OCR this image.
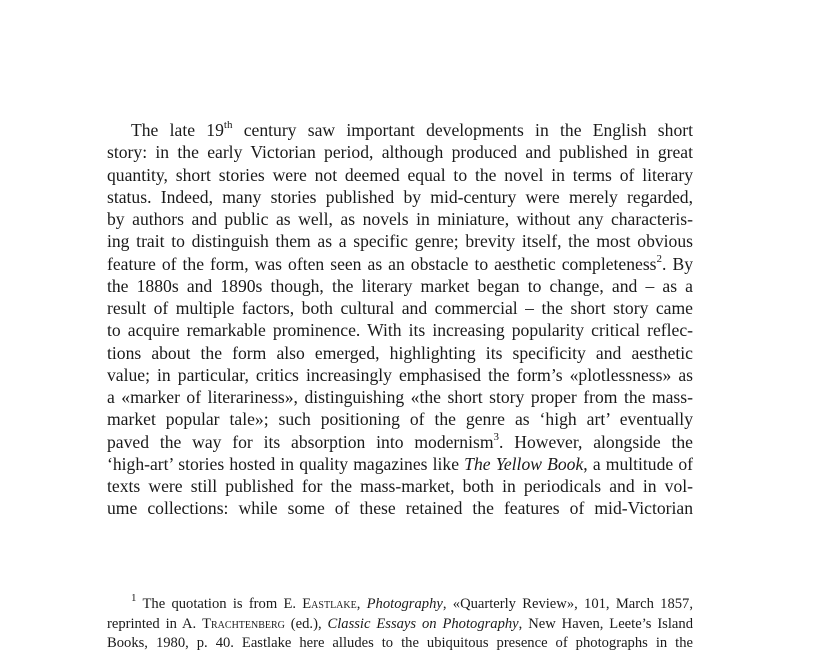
The late 19th century saw important developments in the English short
story: in the early Victorian period, although produced and published in great
quantity, short stories were not deemed equal to the novel in terms of literary
status. Indeed, many stories published by mid-century were merely regarded,
by authors and public as well, as novels in miniature, without any characteris-
ing trait to distinguish them as a specific genre; brevity itself, the most obvious
feature of the form, was often seen as an obstacle to aesthetic completeness$^2$. By
the 1880s and 1890s though, the literary market began to change, and – as a
result of multiple factors, both cultural and commercial – the short story came
to acquire remarkable prominence. With its increasing popularity critical reflec-
tions about the form also emerged, highlighting its specificity and aesthetic
value; in particular, critics increasingly emphasised the form’s «plotlessness» as
a «marker of literariness», distinguishing «the short story proper from the mass-
market popular tale»; such positioning of the genre as ‘high art’ eventually
paved the way for its absorption into modernism$^3$. However, alongside the
‘high-art’ stories hosted in quality magazines like The Yellow Book, a multitude of
texts were still published for the mass-market, both in periodicals and in vol-
ume collections: while some of these retained the features of mid-Victorian
$^1$ The quotation is from E. Eastlake, Photography, «Quarterly Review», 101, March 1857,
reprinted in A. Trachtenberg (ed.), Classic Essays on Photography, New Haven, Leete’s Island
Books, 1980, p. 40. Eastlake here alludes to the ubiquitous presence of photographs in the
